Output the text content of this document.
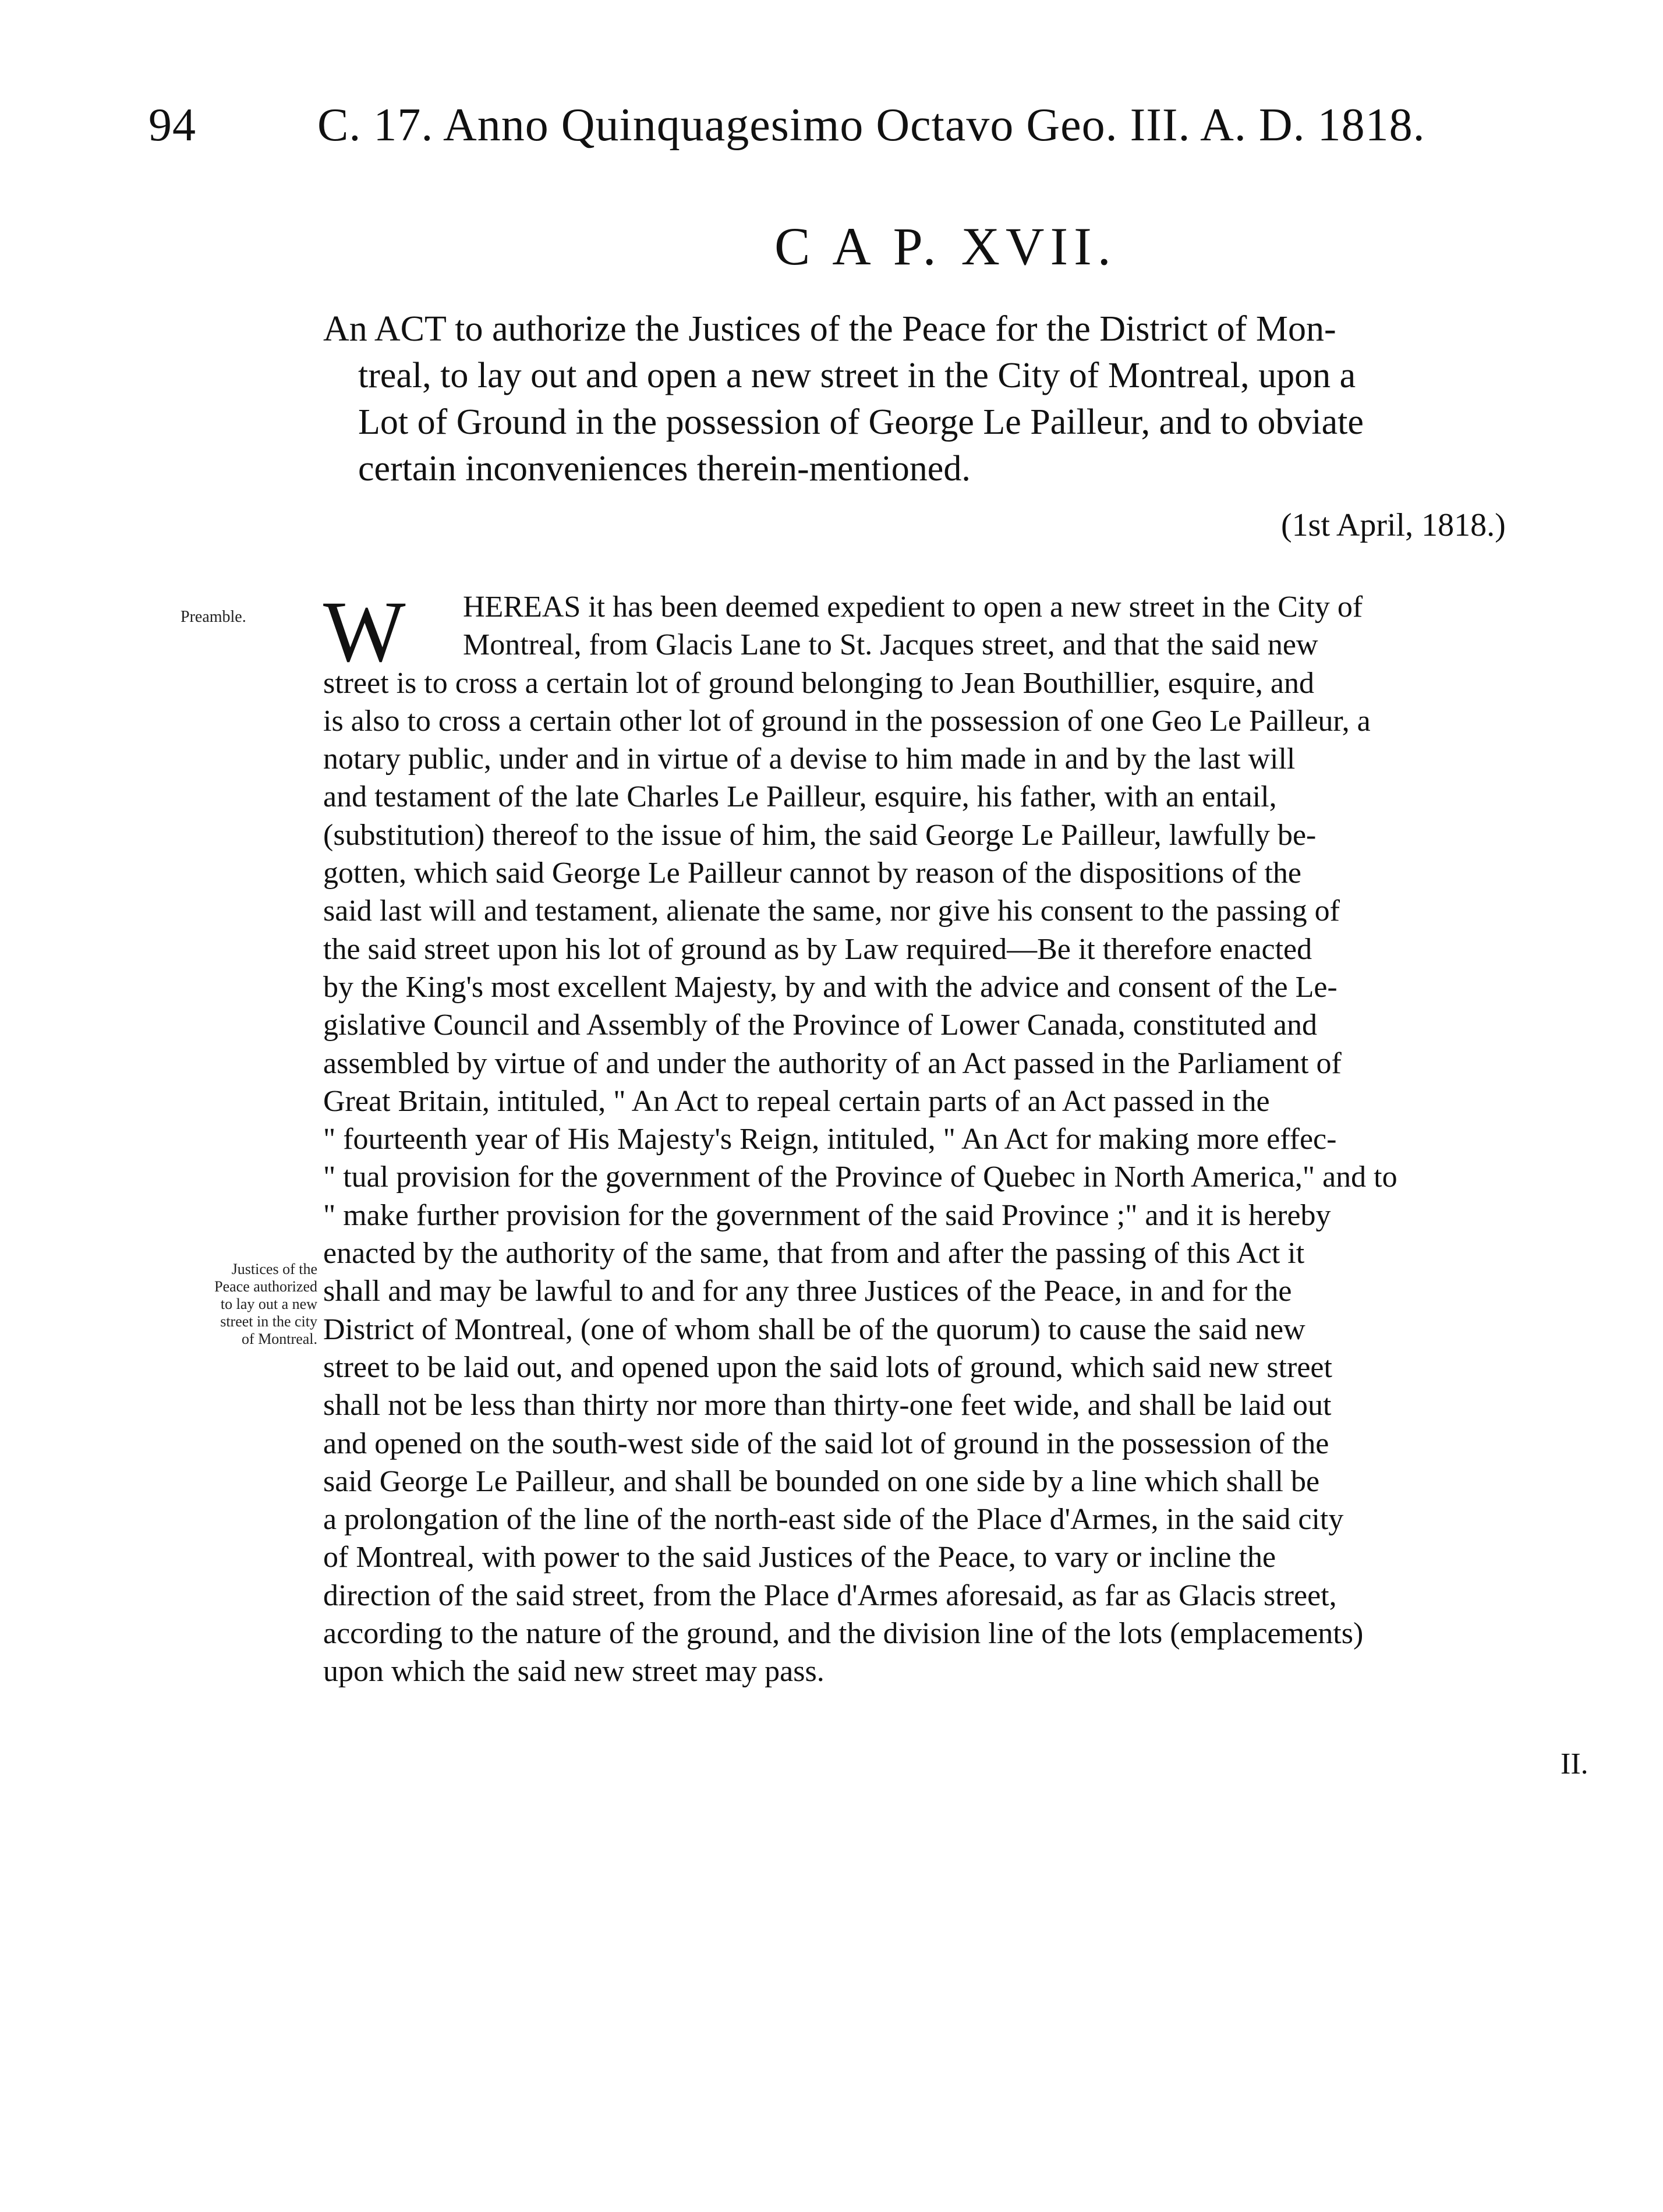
94	C. 17. Anno Quinquagesimo Octavo Geo. III. A. D. 1818.
C A P. XVII.
An ACT to authorize the Justices of the Peace for the District of Mon-
treal, to lay out and open a new street in the City of Montreal, upon a
Lot of Ground in the possession of George Le Pailleur, and to obviate
certain inconveniences therein-mentioned.
(1st April, 1818.)
Preamble.
Justices of the
Peace authorized
to lay out a new
street in the city
of Montreal.
W	HEREAS it has been deemed expedient to open a new street in the City of
Montreal, from Glacis Lane to St. Jacques street, and that the said new
street is to cross a certain lot of ground belonging to Jean Bouthillier, esquire, and
is also to cross a certain other lot of ground in the possession of one Geo Le Pailleur, a
notary public, under and in virtue of a devise to him made in and by the last will
and testament of the late Charles Le Pailleur, esquire, his father, with an entail,
(substitution) thereof to the issue of him, the said George Le Pailleur, lawfully be-
gotten, which said George Le Pailleur cannot by reason of the dispositions of the
said last will and testament, alienate the same, nor give his consent to the passing of
the said street upon his lot of ground as by Law required—Be it therefore enacted
by the King's most excellent Majesty, by and with the advice and consent of the Le-
gislative Council and Assembly of the Province of Lower Canada, constituted and
assembled by virtue of and under the authority of an Act passed in the Parliament of
Great Britain, intituled, " An Act to repeal certain parts of an Act passed in the
" fourteenth year of His Majesty's Reign, intituled, " An Act for making more effec-
" tual provision for the government of the Province of Quebec in North America," and to
" make further provision for the government of the said Province ;" and it is hereby
enacted by the authority of the same, that from and after the passing of this Act it
shall and may be lawful to and for any three Justices of the Peace, in and for the
District of Montreal, (one of whom shall be of the quorum) to cause the said new
street to be laid out, and opened upon the said lots of ground, which said new street
shall not be less than thirty nor more than thirty-one feet wide, and shall be laid out
and opened on the south-west side of the said lot of ground in the possession of the
said George Le Pailleur, and shall be bounded on one side by a line which shall be
a prolongation of the line of the north-east side of the Place d'Armes, in the said city
of Montreal, with power to the said Justices of the Peace, to vary or incline the
direction of the said street, from the Place d'Armes aforesaid, as far as Glacis street,
according to the nature of the ground, and the division line of the lots (emplacements)
upon which the said new street may pass.
II.
